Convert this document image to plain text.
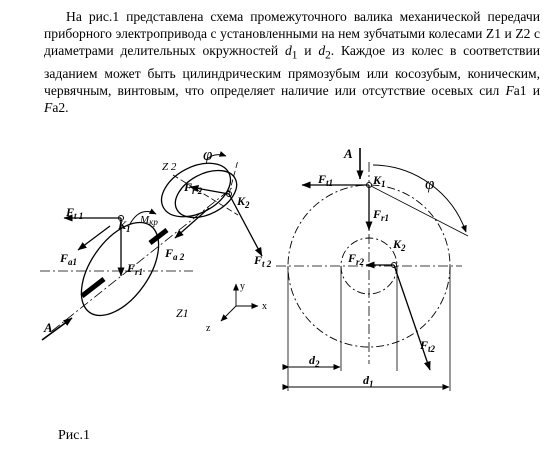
На рис.1 представлена схема промежуточного валика механической передачи приборного электропривода с установленными на нем зубчатыми колесами Z1 и Z2 с диаметрами делительных окружностей $d_1$ и $d_2$. Каждое из колес в соответствии заданием может быть цилиндрическим прямозубым или косозубым, коническим, червячным, винтовым, что определяет наличие или отсутствие осевых сил Fa1 и Fa2.

φ
Z 2
$F_{r 2}$
$K_2$
$F_{t 2}$
Mкр
$F_{a 2}$
$F_{t 1}$
$K_1$
$F_{a1}$	$F_{r1}$
Z1
A
y
x
z
A
φ
$F_{t1}$	$K_1$
$F_{r1}$
$K_2$
$F_{r2}$
$F_{t2}$
$d_2$
$d_1$
Рис.1
